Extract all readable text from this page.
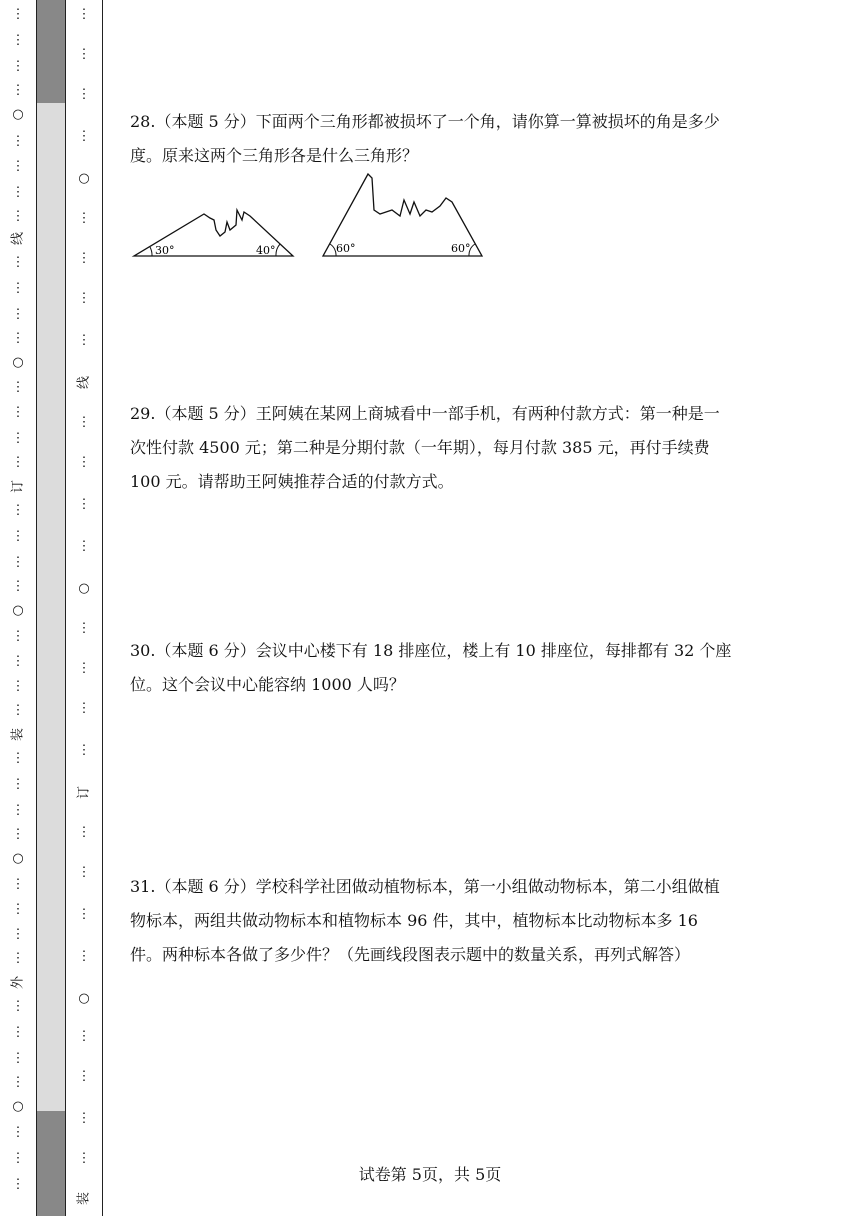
⋮
⋮
⋮
⋮
○
⋮
⋮
⋮
⋮
线
⋮
⋮
⋮
⋮
○
⋮
⋮
⋮
⋮
订
⋮
⋮
⋮
⋮
○
⋮
⋮
⋮
⋮
装
⋮
⋮
⋮
⋮
○
⋮
⋮
⋮
⋮
外
⋮
⋮
⋮
⋮
○
⋮
⋮
⋮
⋮
⋮
⋮
⋮
○
⋮
⋮
⋮
⋮
线
⋮
⋮
⋮
⋮
○
⋮
⋮
⋮
⋮
订
⋮
⋮
⋮
⋮
○
⋮
⋮
⋮
⋮
装
28.（本题 5 分）下面两个三角形都被损坏了一个角，请你算一算被损坏的角是多少度。原来这两个三角形各是什么三角形？
30°	40°	60°	60°
29.（本题 5 分）王阿姨在某网上商城看中一部手机，有两种付款方式：第一种是一次性付款 4500 元；第二种是分期付款（一年期），每月付款 385 元，再付手续费 100 元。请帮助王阿姨推荐合适的付款方式。
30.（本题 6 分）会议中心楼下有 18 排座位，楼上有 10 排座位，每排都有 32 个座位。这个会议中心能容纳 1000 人吗？
31.（本题 6 分）学校科学社团做动植物标本，第一小组做动物标本，第二小组做植物标本，两组共做动物标本和植物标本 96 件，其中，植物标本比动物标本多 16 件。两种标本各做了多少件？（先画线段图表示题中的数量关系，再列式解答）
试卷第 5页，共 5页
